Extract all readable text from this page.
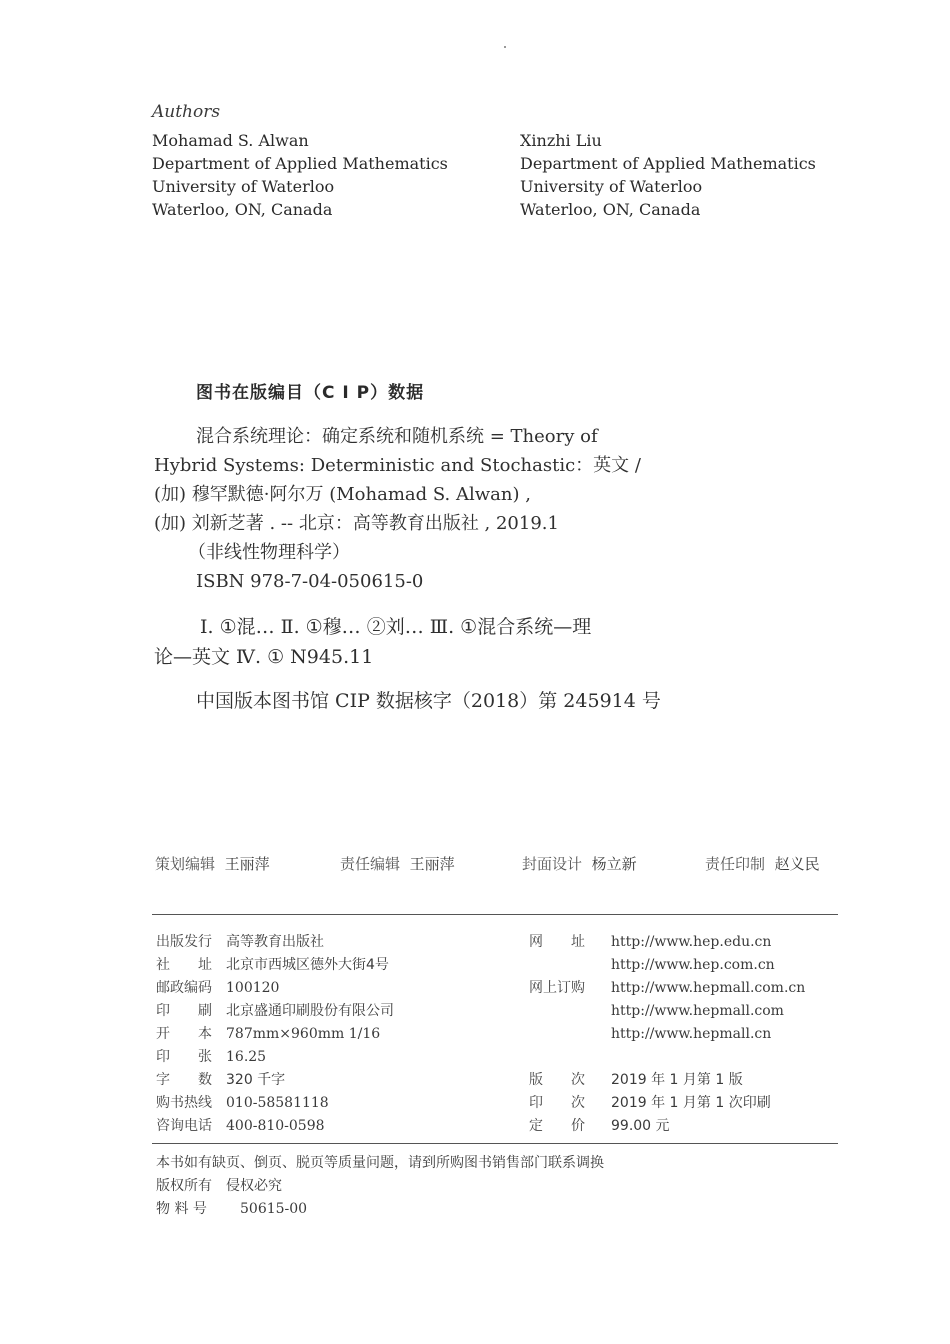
Authors
Mohamad S. Alwan
Department of Applied Mathematics
University of Waterloo
Waterloo, ON, Canada
Xinzhi Liu
Department of Applied Mathematics
University of Waterloo
Waterloo, ON, Canada
图书在版编目（C I P）数据
混合系统理论：确定系统和随机系统 = Theory of
Hybrid Systems: Deterministic and Stochastic：英文 /
(加) 穆罕默德·阿尔万 (Mohamad S. Alwan) ,
(加) 刘新芝著 . -- 北京：高等教育出版社 , 2019.1
（非线性物理科学）
ISBN 978-7-04-050615-0
Ⅰ. ①混… Ⅱ. ①穆… ②刘… Ⅲ. ①混合系统—理
论—英文 Ⅳ. ① N945.11
中国版本图书馆 CIP 数据核字（2018）第 245914 号
策划编辑 王丽萍	责任编辑 王丽萍	封面设计 杨立新	责任印制 赵义民
出版发行 高等教育出版社
社　　址 北京市西城区德外大街4号
邮政编码 100120
印　　刷 北京盛通印刷股份有限公司
开　　本 787mm×960mm 1/16
印　　张 16.25
字　　数 320 千字
购书热线 010-58581118
咨询电话 400-810-0598
网　　址 http://www.hep.edu.cn
http://www.hep.com.cn
网上订购 http://www.hepmall.com.cn
http://www.hepmall.com
http://www.hepmall.cn
版　　次 2019 年 1 月第 1 版
印　　次 2019 年 1 月第 1 次印刷
定　　价 99.00 元
本书如有缺页、倒页、脱页等质量问题，请到所购图书销售部门联系调换
版权所有　侵权必究
物 料 号 50615-00
